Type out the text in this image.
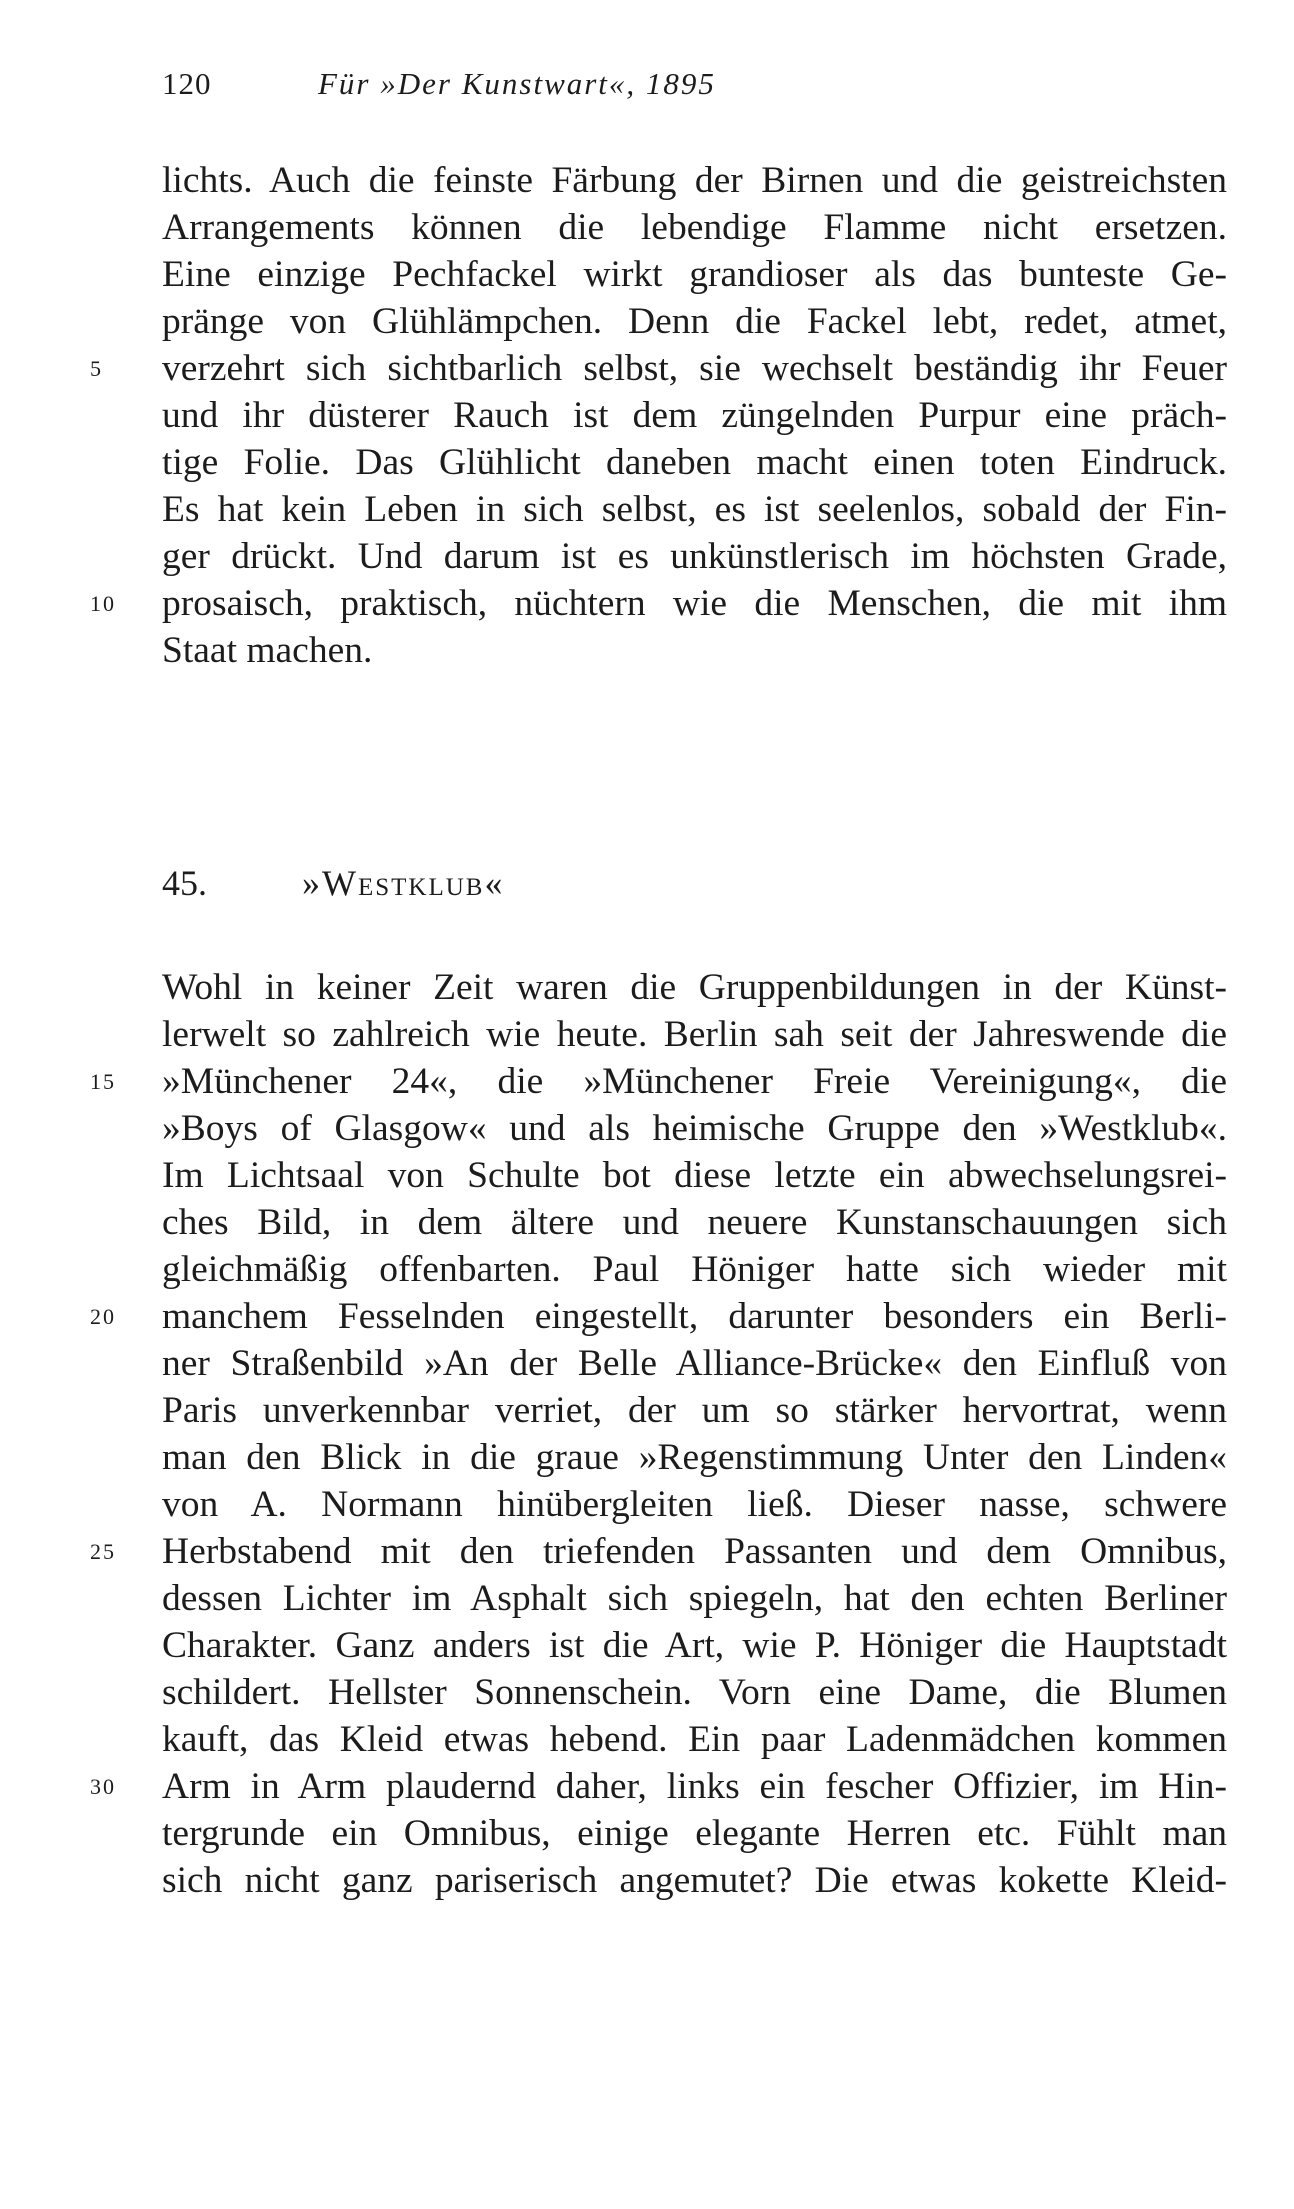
120	Für »Der Kunstwart«, 1895
lichts. Auch die feinste Färbung der Birnen und die geistreichsten
Arrangements können die lebendige Flamme nicht ersetzen.
Eine einzige Pechfackel wirkt grandioser als das bunteste Ge-
pränge von Glühlämpchen. Denn die Fackel lebt, redet, atmet,
verzehrt sich sichtbarlich selbst, sie wechselt beständig ihr Feuer
und ihr düsterer Rauch ist dem züngelnden Purpur eine präch-
tige Folie. Das Glühlicht daneben macht einen toten Eindruck.
Es hat kein Leben in sich selbst, es ist seelenlos, sobald der Fin-
ger drückt. Und darum ist es unkünstlerisch im höchsten Grade,
prosaisch, praktisch, nüchtern wie die Menschen, die mit ihm
Staat machen.
45.	»Westklub«
Wohl in keiner Zeit waren die Gruppenbildungen in der Künst-
lerwelt so zahlreich wie heute. Berlin sah seit der Jahreswende die
»Münchener 24«, die »Münchener Freie Vereinigung«, die
»Boys of Glasgow« und als heimische Gruppe den »Westklub«.
Im Lichtsaal von Schulte bot diese letzte ein abwechselungsrei-
ches Bild, in dem ältere und neuere Kunstanschauungen sich
gleichmäßig offenbarten. Paul Höniger hatte sich wieder mit
manchem Fesselnden eingestellt, darunter besonders ein Berli-
ner Straßenbild »An der Belle Alliance-Brücke« den Einfluß von
Paris unverkennbar verriet, der um so stärker hervortrat, wenn
man den Blick in die graue »Regenstimmung Unter den Linden«
von A. Normann hinübergleiten ließ. Dieser nasse, schwere
Herbstabend mit den triefenden Passanten und dem Omnibus,
dessen Lichter im Asphalt sich spiegeln, hat den echten Berliner
Charakter. Ganz anders ist die Art, wie P. Höniger die Hauptstadt
schildert. Hellster Sonnenschein. Vorn eine Dame, die Blumen
kauft, das Kleid etwas hebend. Ein paar Ladenmädchen kommen
Arm in Arm plaudernd daher, links ein fescher Offizier, im Hin-
tergrunde ein Omnibus, einige elegante Herren etc. Fühlt man
sich nicht ganz pariserisch angemutet? Die etwas kokette Kleid-
5
10
15
20
25
30
